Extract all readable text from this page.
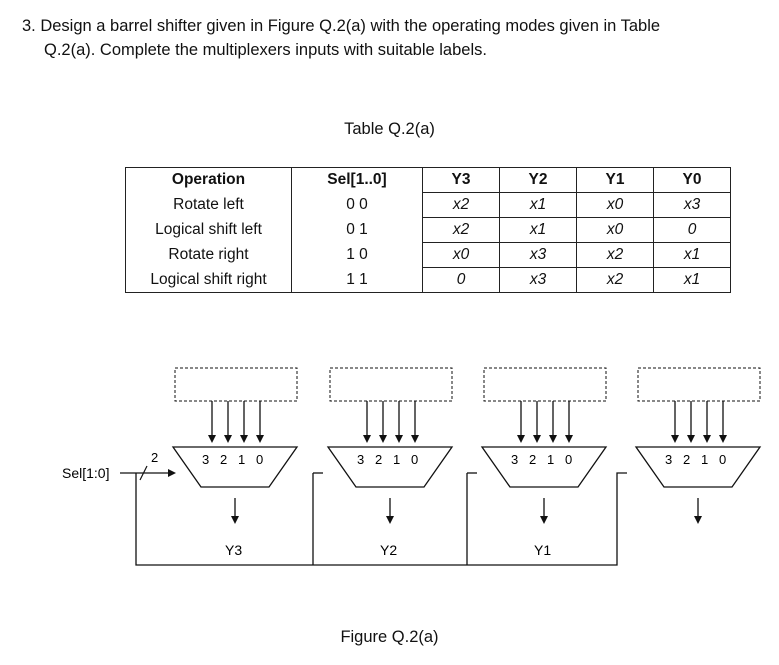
3. Design a barrel shifter given in Figure Q.2(a) with the operating modes given in Table
Q.2(a). Complete the multiplexers inputs with suitable labels.
Table Q.2(a)
Operation	Sel[1..0]	Y3	Y2	Y1	Y0
Rotate left	0 0	x2	x1	x0	x3
Logical shift left	0 1	x2	x1	x0	0
Rotate right	1 0	x0	x3	x2	x1
Logical shift right	1 1	0	x3	x2	x1
3 2 1 0
Y3
3 2 1 0
Y2
3 2 1 0
Y1
3 2 1 0
2
Sel[1:0]
Figure Q.2(a)
